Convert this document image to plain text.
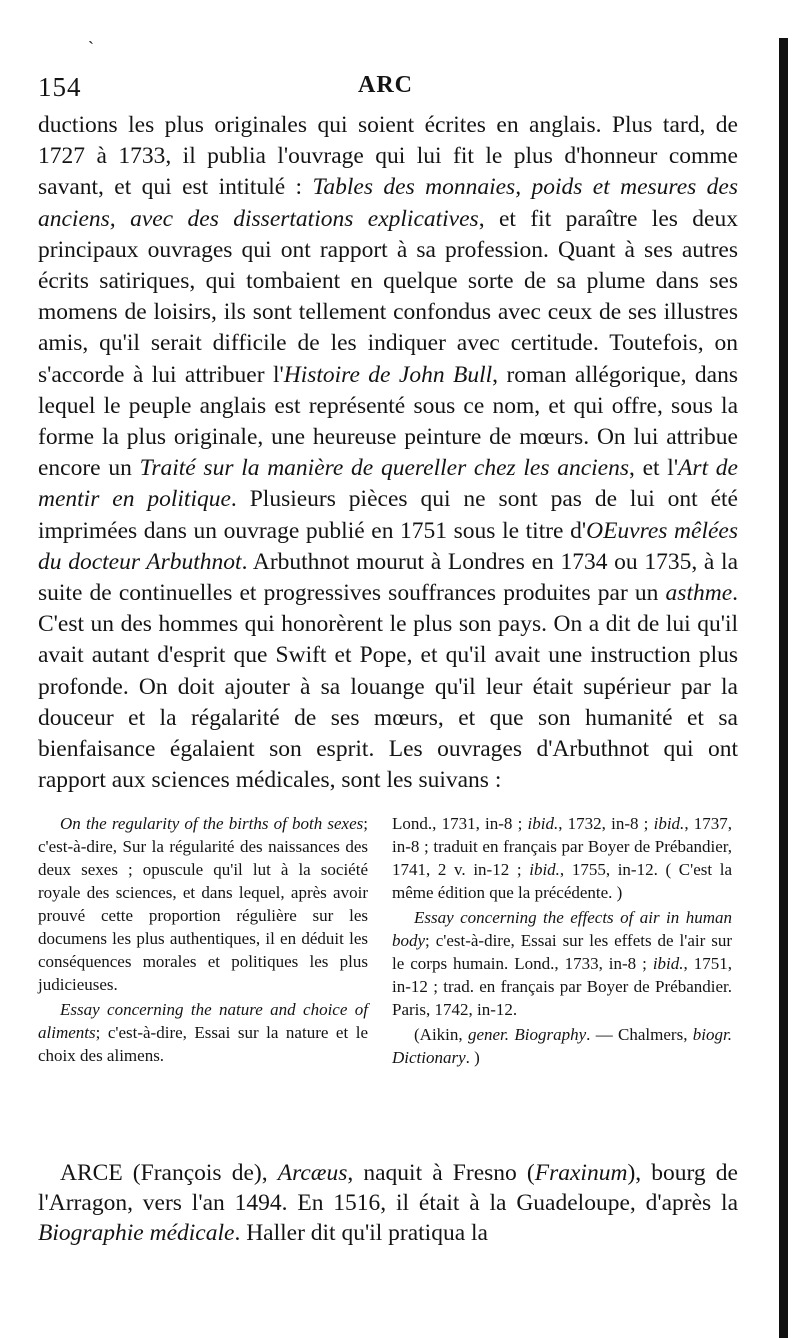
`
154	ARC

ductions les plus originales qui soient écrites en anglais. Plus tard, de 1727 à 1733, il publia l'ouvrage qui lui fit le plus d'honneur comme savant, et qui est intitulé : Tables des monnaies, poids et mesures des anciens, avec des dissertations explicatives, et fit paraître les deux principaux ouvrages qui ont rapport à sa profession. Quant à ses autres écrits satiriques, qui tombaient en quelque sorte de sa plume dans ses momens de loisirs, ils sont tellement confondus avec ceux de ses illustres amis, qu'il serait difficile de les indiquer avec certitude. Toutefois, on s'accorde à lui attribuer l'Histoire de John Bull, roman allégorique, dans lequel le peuple anglais est représenté sous ce nom, et qui offre, sous la forme la plus originale, une heureuse peinture de mœurs. On lui attribue encore un Traité sur la manière de quereller chez les anciens, et l'Art de mentir en politique. Plusieurs pièces qui ne sont pas de lui ont été imprimées dans un ouvrage publié en 1751 sous le titre d'OEuvres mêlées du docteur Arbuthnot. Arbuthnot mourut à Londres en 1734 ou 1735, à la suite de continuelles et progressives souffrances produites par un asthme. C'est un des hommes qui honorèrent le plus son pays. On a dit de lui qu'il avait autant d'esprit que Swift et Pope, et qu'il avait une instruction plus profonde. On doit ajouter à sa louange qu'il leur était supérieur par la douceur et la régalarité de ses mœurs, et que son humanité et sa bienfaisance égalaient son esprit. Les ouvrages d'Arbuthnot qui ont rapport aux sciences médicales, sont les suivans :

On the regularity of the births of both sexes; c'est-à-dire, Sur la régularité des naissances des deux sexes ; opuscule qu'il lut à la société royale des sciences, et dans lequel, après avoir prouvé cette proportion régulière sur les documens les plus authentiques, il en déduit les conséquences morales et politiques les plus judicieuses.

Essay concerning the nature and choice of aliments; c'est-à-dire, Essai sur la nature et le choix des alimens.

Lond., 1731, in-8 ; ibid., 1732, in-8 ; ibid., 1737, in-8 ; traduit en français par Boyer de Prébandier, 1741, 2 v. in-12 ; ibid., 1755, in-12. ( C'est la même édition que la précédente. )

Essay concerning the effects of air in human body; c'est-à-dire, Essai sur les effets de l'air sur le corps humain. Lond., 1733, in-8 ; ibid., 1751, in-12 ; trad. en français par Boyer de Prébandier. Paris, 1742, in-12.

(Aikin, gener. Biography. — Chalmers, biogr. Dictionary. )

ARCE (François de), Arcæus, naquit à Fresno (Fraxinum), bourg de l'Arragon, vers l'an 1494. En 1516, il était à la Guadeloupe, d'après la Biographie médicale. Haller dit qu'il pratiqua la
